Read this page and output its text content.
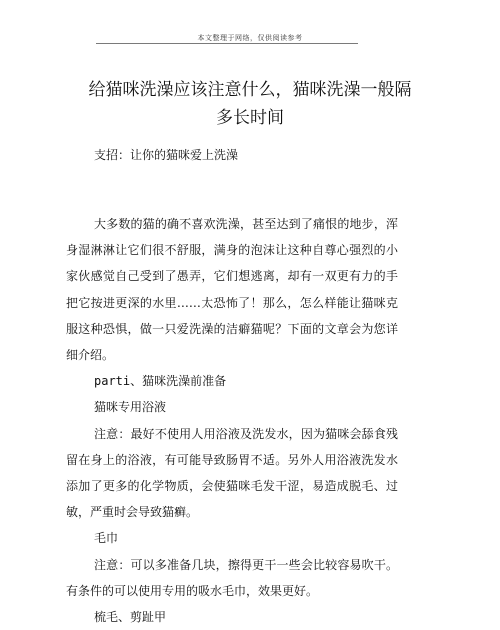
本文整理于网络，仅供阅读参考
给猫咪洗澡应该注意什么，猫咪洗澡一般隔
多长时间
支招：让你的猫咪爱上洗澡

大多数的猫的确不喜欢洗澡，甚至达到了痛恨的地步，浑身湿淋淋让它们很不舒服，满身的泡沫让这种自尊心强烈的小家伙感觉自己受到了愚弄，它们想逃离，却有一双更有力的手把它按进更深的水里……太恐怖了！那么，怎么样能让猫咪克服这种恐惧，做一只爱洗澡的洁癖猫呢？下面的文章会为您详细介绍。

parti、猫咪洗澡前准备

猫咪专用浴液

注意：最好不使用人用浴液及洗发水，因为猫咪会舔食残留在身上的浴液，有可能导致肠胃不适。另外人用浴液洗发水添加了更多的化学物质，会使猫咪毛发干涩，易造成脱毛、过敏，严重时会导致猫癣。

毛巾

注意：可以多准备几块，擦得更干一些会比较容易吹干。有条件的可以使用专用的吸水毛巾，效果更好。

梳毛、剪趾甲
